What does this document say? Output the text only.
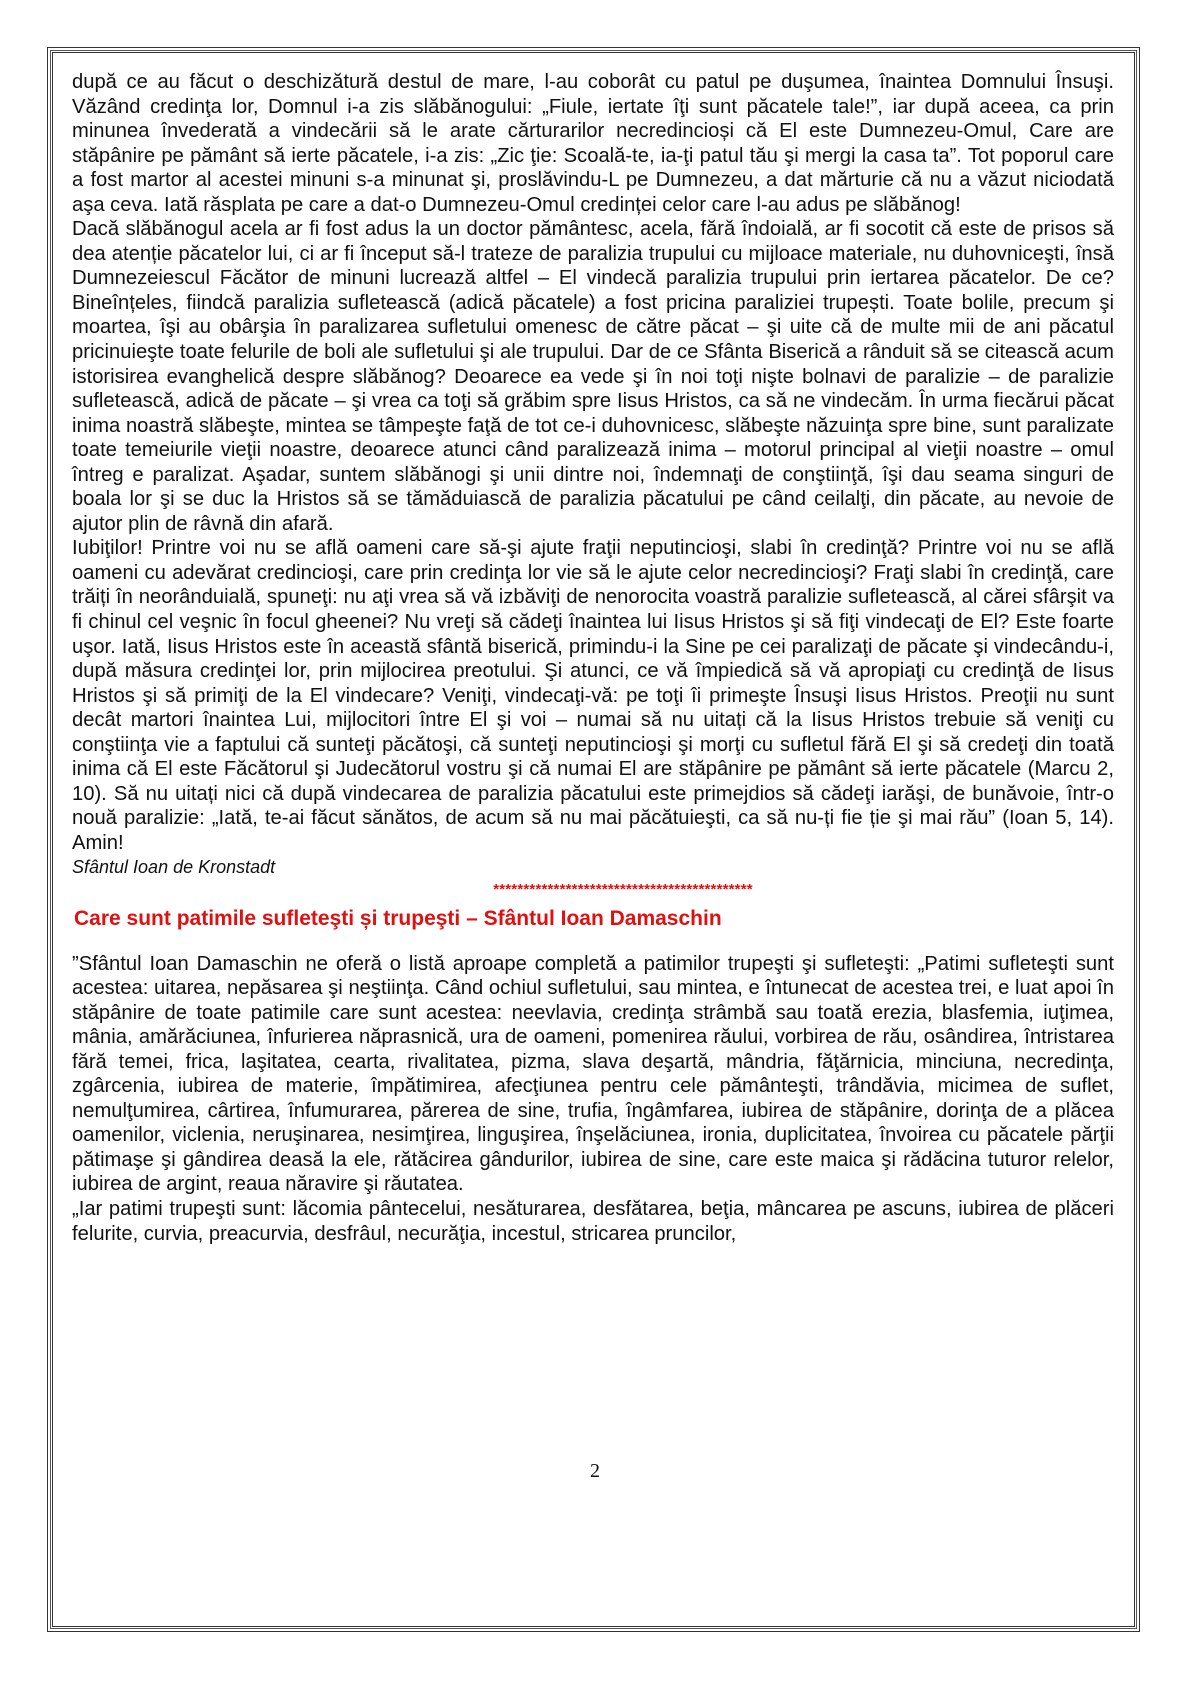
după ce au făcut o deschizătură destul de mare, l-au coborât cu patul pe duşumea, înaintea Domnului Însuşi. Văzând credinţa lor, Domnul i-a zis slăbănogului: „Fiule, iertate îţi sunt păcatele tale!”, iar după aceea, ca prin minunea învederată a vindecării să le arate cărturarilor necredincioși că El este Dumnezeu-Omul, Care are stăpânire pe pământ să ierte păcatele, i-a zis: „Zic ţie: Scoală-te, ia-ţi patul tău şi mergi la casa ta”. Tot poporul care a fost martor al acestei minuni s-a minunat şi, proslăvindu-L pe Dumnezeu, a dat mărturie că nu a văzut niciodată aşa ceva. Iată răsplata pe care a dat-o Dumnezeu-Omul credinței celor care l-au adus pe slăbănog!

Dacă slăbănogul acela ar fi fost adus la un doctor pământesc, acela, fără îndoială, ar fi socotit că este de prisos să dea atenție păcatelor lui, ci ar fi început să-l trateze de paralizia trupului cu mijloace materiale, nu duhovniceşti, însă Dumnezeiescul Făcător de minuni lucrează altfel – El vindecă paralizia trupului prin iertarea păcatelor. De ce? Bineînțeles, fiindcă paralizia sufletească (adică păcatele) a fost pricina paraliziei trupești. Toate bolile, precum şi moartea, îşi au obârşia în paralizarea sufletului omenesc de către păcat – şi uite că de multe mii de ani păcatul pricinuieşte toate felurile de boli ale sufletului şi ale trupului. Dar de ce Sfânta Biserică a rânduit să se citească acum istorisirea evanghelică despre slăbănog? Deoarece ea vede şi în noi toţi nişte bolnavi de paralizie – de paralizie sufletească, adică de păcate – şi vrea ca toţi să grăbim spre Iisus Hristos, ca să ne vindecăm. În urma fiecărui păcat inima noastră slăbeşte, mintea se tâmpeşte faţă de tot ce-i duhovnicesc, slăbeşte năzuinţa spre bine, sunt paralizate toate temeiurile vieţii noastre, deoarece atunci când paralizează inima – motorul principal al vieţii noastre – omul întreg e paralizat. Aşadar, suntem slăbănogi şi unii dintre noi, îndemnaţi de conştiinţă, îşi dau seama singuri de boala lor şi se duc la Hristos să se tămăduiască de paralizia păcatului pe când ceilalţi, din păcate, au nevoie de ajutor plin de râvnă din afară.

Iubiţilor! Printre voi nu se află oameni care să-şi ajute fraţii neputincioşi, slabi în credinţă? Printre voi nu se află oameni cu adevărat credincioşi, care prin credinţa lor vie să le ajute celor necredincioşi? Fraţi slabi în credinţă, care trăiți în neorânduială, spuneţi: nu aţi vrea să vă izbăviţi de nenorocita voastră paralizie sufletească, al cărei sfârşit va fi chinul cel veşnic în focul gheenei? Nu vreţi să cădeţi înaintea lui Iisus Hristos şi să fiţi vindecaţi de El? Este foarte uşor. Iată, Iisus Hristos este în această sfântă biserică, primindu-i la Sine pe cei paralizaţi de păcate şi vindecându-i, după măsura credinţei lor, prin mijlocirea preotului. Şi atunci, ce vă împiedică să vă apropiaţi cu credinţă de Iisus Hristos şi să primiţi de la El vindecare? Veniţi, vindecaţi-vă: pe toţi îi primeşte Însuşi Iisus Hristos. Preoţii nu sunt decât martori înaintea Lui, mijlocitori între El şi voi – numai să nu uitați că la Iisus Hristos trebuie să veniţi cu conştiinţa vie a faptului că sunteţi păcătoşi, că sunteţi neputincioşi şi morţi cu sufletul fără El şi să credeţi din toată inima că El este Făcătorul şi Judecătorul vostru şi că numai El are stăpânire pe pământ să ierte păcatele (Marcu 2, 10). Să nu uitați nici că după vindecarea de paralizia păcatului este primejdios să cădeţi iarăşi, de bunăvoie, într-o nouă paralizie: „Iată, te-ai făcut sănătos, de acum să nu mai păcătuieşti, ca să nu-ți fie ție şi mai rău” (Ioan 5, 14). Amin!

Sfântul Ioan de Kronstadt

*******************************************
Care sunt patimile sufleteşti și trupeşti – Sfântul Ioan Damaschin

”Sfântul Ioan Damaschin ne oferă o listă aproape completă a patimilor trupeşti şi sufleteşti: „Patimi sufleteşti sunt acestea: uitarea, nepăsarea şi neştiinţa. Când ochiul sufletului, sau mintea, e întunecat de acestea trei, e luat apoi în stăpânire de toate patimile care sunt acestea: neevlavia, credinţa strâmbă sau toată erezia, blasfemia, iuţimea, mânia, amărăciunea, înfurierea năprasnică, ura de oameni, pomenirea răului, vorbirea de rău, osândirea, întristarea fără temei, frica, laşitatea, cearta, rivalitatea, pizma, slava deşartă, mândria, făţărnicia, minciuna, necredinţa, zgârcenia, iubirea de materie, împătimirea, afecţiunea pentru cele pământeşti, trândăvia, micimea de suflet, nemulţumirea, cârtirea, înfumurarea, părerea de sine, trufia, îngâmfarea, iubirea de stăpânire, dorinţa de a plăcea oamenilor, viclenia, neruşinarea, nesimţirea, linguşirea, înşelăciunea, ironia, duplicitatea, învoirea cu păcatele părţii pătimaşe şi gândirea deasă la ele, rătăcirea gândurilor, iubirea de sine, care este maica şi rădăcina tuturor relelor, iubirea de argint, reaua năravire şi răutatea.

„Iar patimi trupeşti sunt: lăcomia pântecelui, nesăturarea, desfătarea, beţia, mâncarea pe ascuns, iubirea de plăceri felurite, curvia, preacurvia, desfrâul, necurăţia, incestul, stricarea pruncilor,

2
